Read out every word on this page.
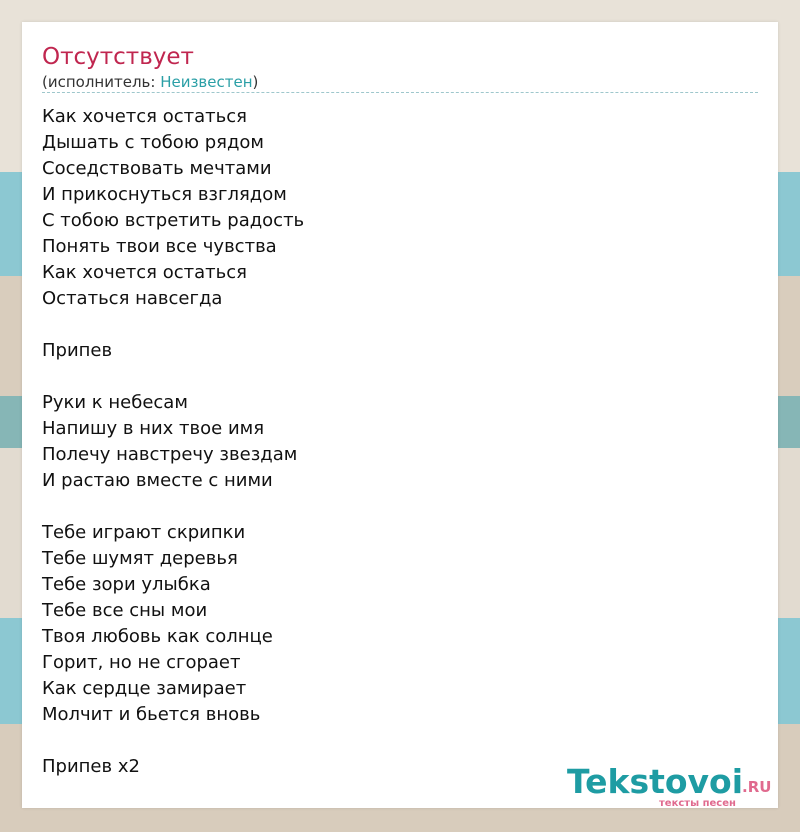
Отсутствует
(исполнитель: Неизвестен)
Как хочется остаться
Дышать с тобою рядом
Соседствовать мечтами
И прикоснуться взглядом
С тобою встретить радость
Понять твои все чувства
Как хочется остаться
Остаться навсегда

Припев

Руки к небесам
Напишу в них твое имя
Полечу навстречу звездам
И растаю вместе с ними

Тебе играют скрипки
Тебе шумят деревья
Тебе зори улыбка
Тебе все сны мои
Твоя любовь как солнце
Горит, но не сгорает
Как сердце замирает
Молчит и бьется вновь

Припев х2	Tekstovoi
.RU
тексты песен
